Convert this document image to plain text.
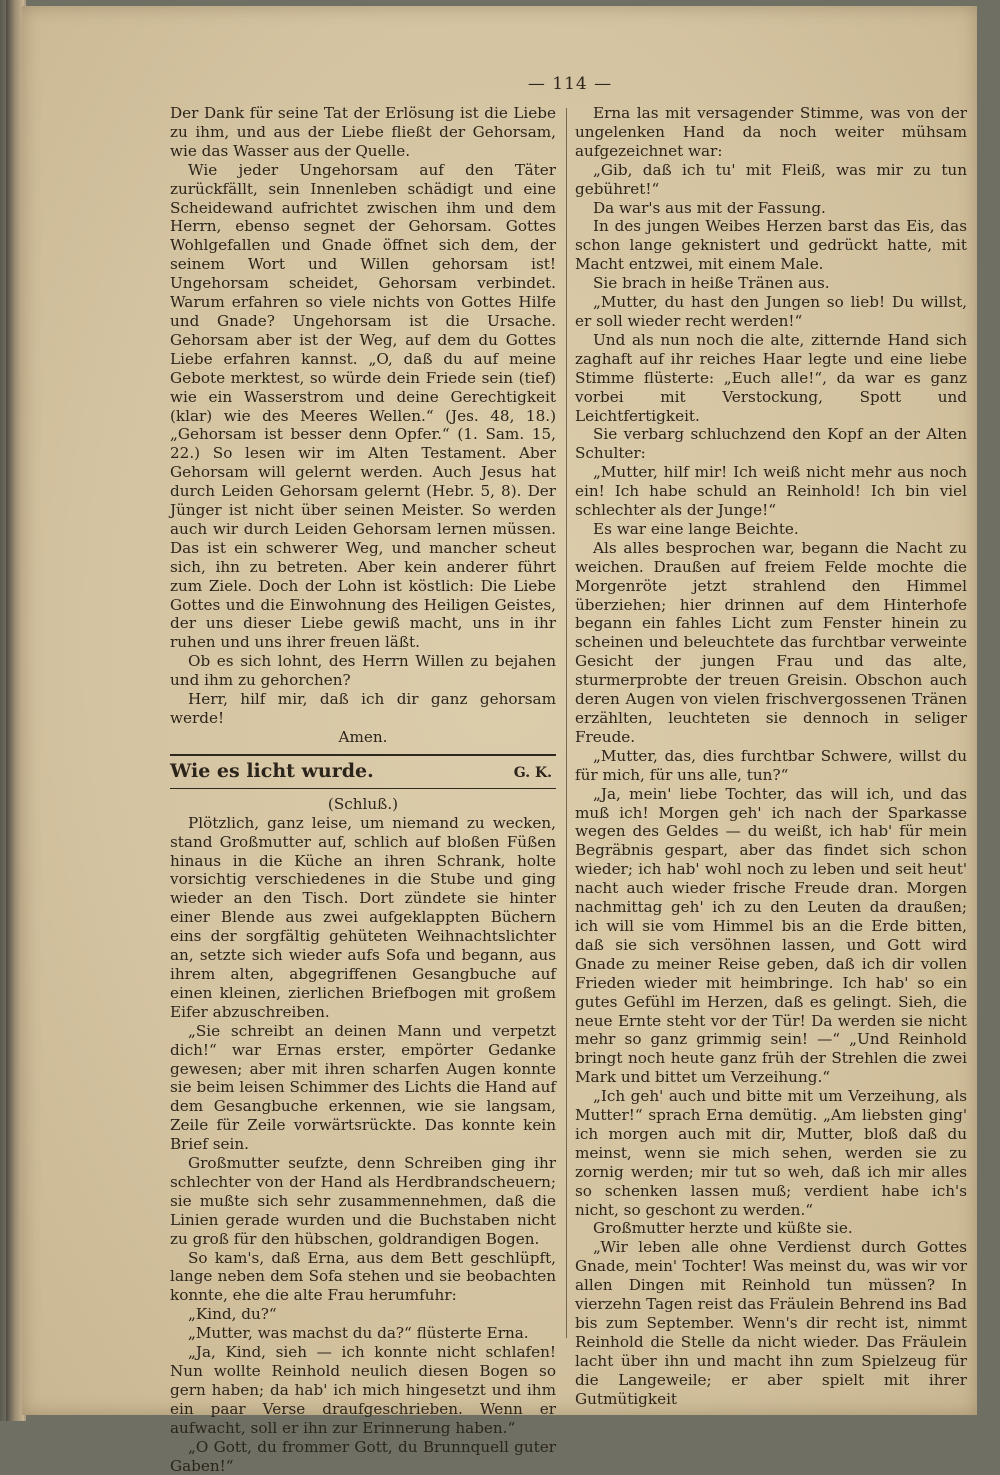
— 114 —

Der Dank für seine Tat der Erlösung ist die Liebe zu ihm, und aus der Liebe fließt der Gehorsam, wie das Wasser aus der Quelle.

Wie jeder Ungehorsam auf den Täter zurückfällt, sein Innenleben schädigt und eine Scheidewand aufrichtet zwischen ihm und dem Herrn, ebenso segnet der Gehorsam. Gottes Wohlgefallen und Gnade öffnet sich dem, der seinem Wort und Willen gehorsam ist! Ungehorsam scheidet, Gehorsam verbindet. Warum erfahren so viele nichts von Gottes Hilfe und Gnade? Ungehorsam ist die Ursache. Gehorsam aber ist der Weg, auf dem du Gottes Liebe erfahren kannst. „O, daß du auf meine Gebote merktest, so würde dein Friede sein (tief) wie ein Wasserstrom und deine Gerechtigkeit (klar) wie des Meeres Wellen.“ (Jes. 48, 18.) „Gehorsam ist besser denn Opfer.“ (1. Sam. 15, 22.) So lesen wir im Alten Testament. Aber Gehorsam will gelernt werden. Auch Jesus hat durch Leiden Gehorsam gelernt (Hebr. 5, 8). Der Jünger ist nicht über seinen Meister. So werden auch wir durch Leiden Gehorsam lernen müssen. Das ist ein schwerer Weg, und mancher scheut sich, ihn zu betreten. Aber kein anderer führt zum Ziele. Doch der Lohn ist köstlich: Die Liebe Gottes und die Einwohnung des Heiligen Geistes, der uns dieser Liebe gewiß macht, uns in ihr ruhen und uns ihrer freuen läßt.

Ob es sich lohnt, des Herrn Willen zu bejahen und ihm zu gehorchen?

Herr, hilf mir, daß ich dir ganz gehorsam werde!

Amen.

Wie es licht wurde.	G. K.

(Schluß.)

Plötzlich, ganz leise, um niemand zu wecken, stand Großmutter auf, schlich auf bloßen Füßen hinaus in die Küche an ihren Schrank, holte vorsichtig verschiedenes in die Stube und ging wieder an den Tisch. Dort zündete sie hinter einer Blende aus zwei aufgeklappten Büchern eins der sorgfältig gehüteten Weihnachtslichter an, setzte sich wieder aufs Sofa und begann, aus ihrem alten, abgegriffenen Gesangbuche auf einen kleinen, zierlichen Briefbogen mit großem Eifer abzuschreiben.

„Sie schreibt an deinen Mann und verpetzt dich!“ war Ernas erster, empörter Gedanke gewesen; aber mit ihren scharfen Augen konnte sie beim leisen Schimmer des Lichts die Hand auf dem Gesangbuche erkennen, wie sie langsam, Zeile für Zeile vorwärtsrückte. Das konnte kein Brief sein.

Großmutter seufzte, denn Schreiben ging ihr schlechter von der Hand als Herdbrandscheuern; sie mußte sich sehr zusammennehmen, daß die Linien gerade wurden und die Buchstaben nicht zu groß für den hübschen, goldrandigen Bogen.

So kam's, daß Erna, aus dem Bett geschlüpft, lange neben dem Sofa stehen und sie beobachten konnte, ehe die alte Frau herumfuhr:

„Kind, du?“

„Mutter, was machst du da?“ flüsterte Erna.

„Ja, Kind, sieh — ich konnte nicht schlafen! Nun wollte Reinhold neulich diesen Bogen so gern haben; da hab' ich mich hingesetzt und ihm ein paar Verse draufgeschrieben. Wenn er aufwacht, soll er ihn zur Erinnerung haben.“

„O Gott, du frommer Gott, du Brunnquell guter Gaben!“

Erna las mit versagender Stimme, was von der ungelenken Hand da noch weiter mühsam aufgezeichnet war:

„Gib, daß ich tu' mit Fleiß, was mir zu tun gebühret!“

Da war's aus mit der Fassung.

In des jungen Weibes Herzen barst das Eis, das schon lange geknistert und gedrückt hatte, mit Macht entzwei, mit einem Male.

Sie brach in heiße Tränen aus.

„Mutter, du hast den Jungen so lieb! Du willst, er soll wieder recht werden!“

Und als nun noch die alte, zitternde Hand sich zaghaft auf ihr reiches Haar legte und eine liebe Stimme flüsterte: „Euch alle!“, da war es ganz vorbei mit Verstockung, Spott und Leichtfertigkeit.

Sie verbarg schluchzend den Kopf an der Alten Schulter:

„Mutter, hilf mir! Ich weiß nicht mehr aus noch ein! Ich habe schuld an Reinhold! Ich bin viel schlechter als der Junge!“

Es war eine lange Beichte.

Als alles besprochen war, begann die Nacht zu weichen. Draußen auf freiem Felde mochte die Morgenröte jetzt strahlend den Himmel überziehen; hier drinnen auf dem Hinterhofe begann ein fahles Licht zum Fenster hinein zu scheinen und beleuchtete das furchtbar verweinte Gesicht der jungen Frau und das alte, sturmerprobte der treuen Greisin. Obschon auch deren Augen von vielen frischvergossenen Tränen erzählten, leuchteten sie dennoch in seliger Freude.

„Mutter, das, dies furchtbar Schwere, willst du für mich, für uns alle, tun?“

„Ja, mein' liebe Tochter, das will ich, und das muß ich! Morgen geh' ich nach der Sparkasse wegen des Geldes — du weißt, ich hab' für mein Begräbnis gespart, aber das findet sich schon wieder; ich hab' wohl noch zu leben und seit heut' nacht auch wieder frische Freude dran. Morgen nachmittag geh' ich zu den Leuten da draußen; ich will sie vom Himmel bis an die Erde bitten, daß sie sich versöhnen lassen, und Gott wird Gnade zu meiner Reise geben, daß ich dir vollen Frieden wieder mit heimbringe. Ich hab' so ein gutes Gefühl im Herzen, daß es gelingt. Sieh, die neue Ernte steht vor der Tür! Da werden sie nicht mehr so ganz grimmig sein! —“ „Und Reinhold bringt noch heute ganz früh der Strehlen die zwei Mark und bittet um Verzeihung.“

„Ich geh' auch und bitte mit um Verzeihung, als Mutter!“ sprach Erna demütig. „Am liebsten ging' ich morgen auch mit dir, Mutter, bloß daß du meinst, wenn sie mich sehen, werden sie zu zornig werden; mir tut so weh, daß ich mir alles so schenken lassen muß; verdient habe ich's nicht, so geschont zu werden.“

Großmutter herzte und küßte sie.

„Wir leben alle ohne Verdienst durch Gottes Gnade, mein' Tochter! Was meinst du, was wir vor allen Dingen mit Reinhold tun müssen? In vierzehn Tagen reist das Fräulein Behrend ins Bad bis zum September. Wenn's dir recht ist, nimmt Reinhold die Stelle da nicht wieder. Das Fräulein lacht über ihn und macht ihn zum Spielzeug für die Langeweile; er aber spielt mit ihrer Gutmütigkeit
